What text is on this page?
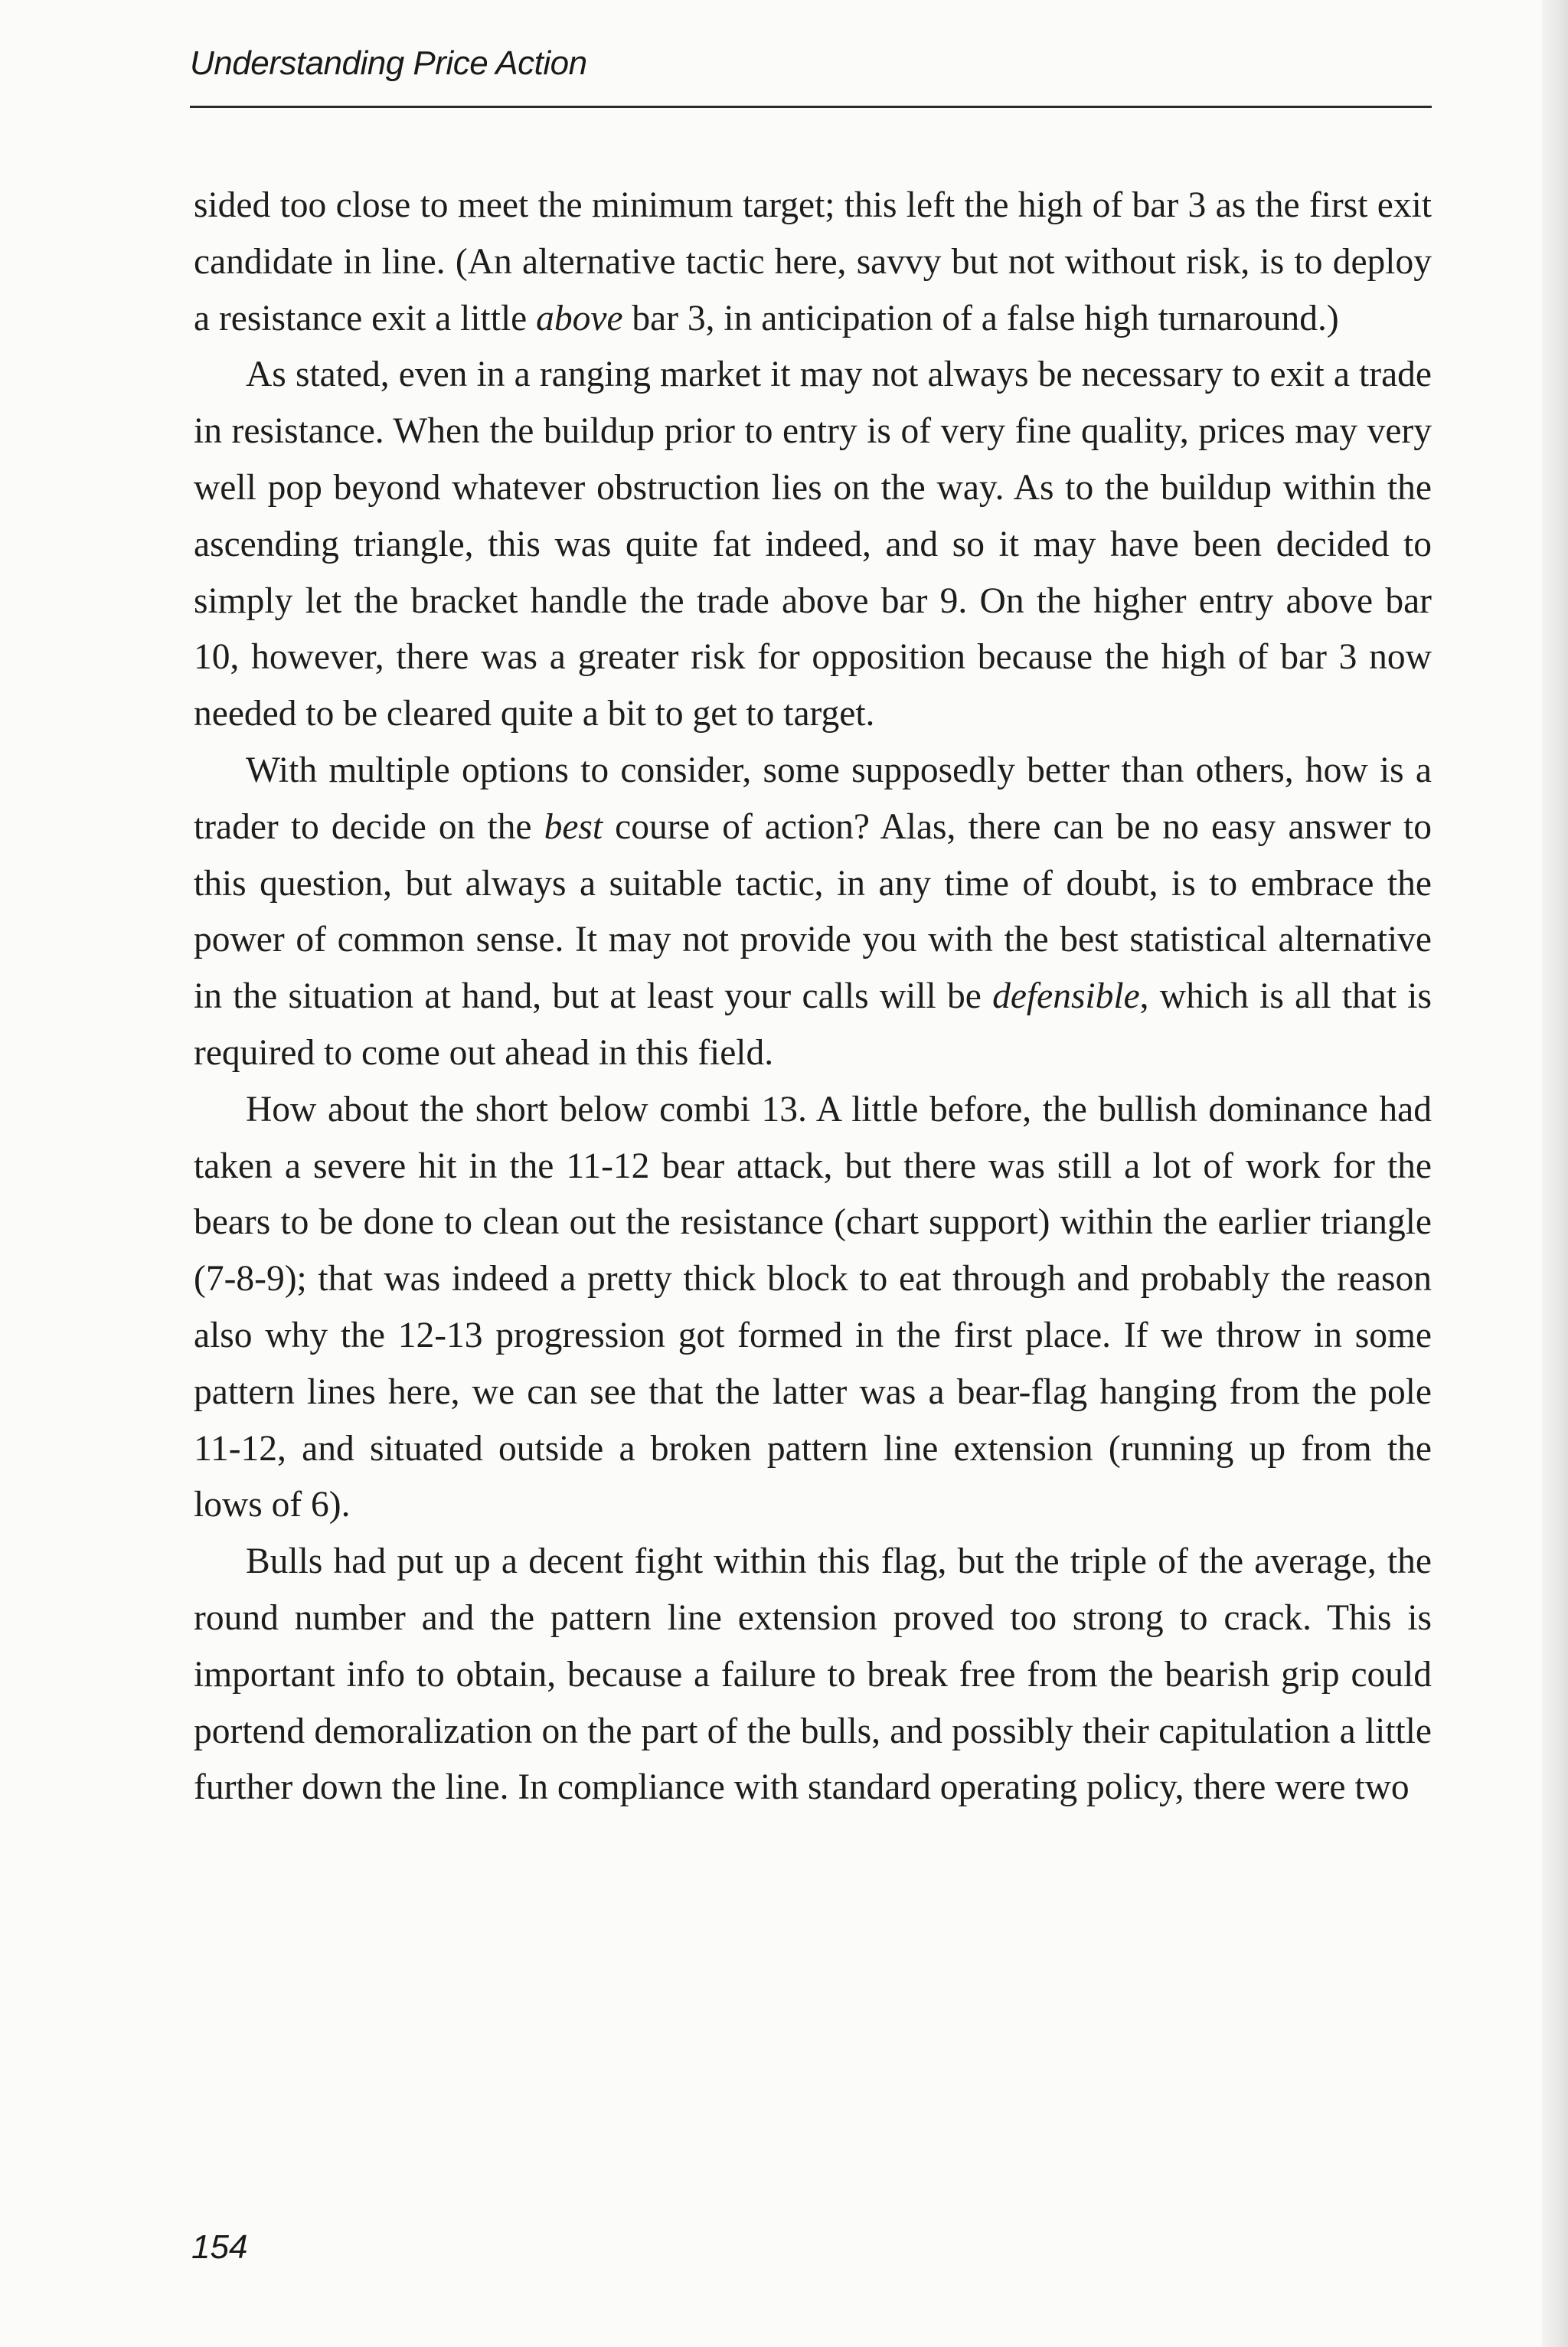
Understanding Price Action

sided too close to meet the minimum target; this left the high of bar 3 as the first exit candidate in line. (An alternative tactic here, savvy but not without risk, is to deploy a resistance exit a little above bar 3, in anticipation of a false high turnaround.)

As stated, even in a ranging market it may not always be necessary to exit a trade in resistance. When the buildup prior to entry is of very fine quality, prices may very well pop beyond whatever obstruction lies on the way. As to the buildup within the ascending triangle, this was quite fat indeed, and so it may have been decided to simply let the bracket handle the trade above bar 9. On the higher entry above bar 10, however, there was a greater risk for opposition because the high of bar 3 now needed to be cleared quite a bit to get to target.

With multiple options to consider, some supposedly better than others, how is a trader to decide on the best course of action? Alas, there can be no easy answer to this question, but always a suitable tactic, in any time of doubt, is to embrace the power of common sense. It may not provide you with the best statistical alternative in the situation at hand, but at least your calls will be defensible, which is all that is required to come out ahead in this field.

How about the short below combi 13. A little before, the bullish dominance had taken a severe hit in the 11-12 bear attack, but there was still a lot of work for the bears to be done to clean out the resistance (chart support) within the earlier triangle (7-8-9); that was indeed a pretty thick block to eat through and probably the reason also why the 12-13 progression got formed in the first place. If we throw in some pattern lines here, we can see that the latter was a bear-flag hanging from the pole 11-12, and situated outside a broken pattern line extension (running up from the lows of 6).

Bulls had put up a decent fight within this flag, but the triple of the average, the round number and the pattern line extension proved too strong to crack. This is important info to obtain, because a failure to break free from the bearish grip could portend demoralization on the part of the bulls, and possibly their capitulation a little further down the line. In compliance with standard operating policy, there were two

154
